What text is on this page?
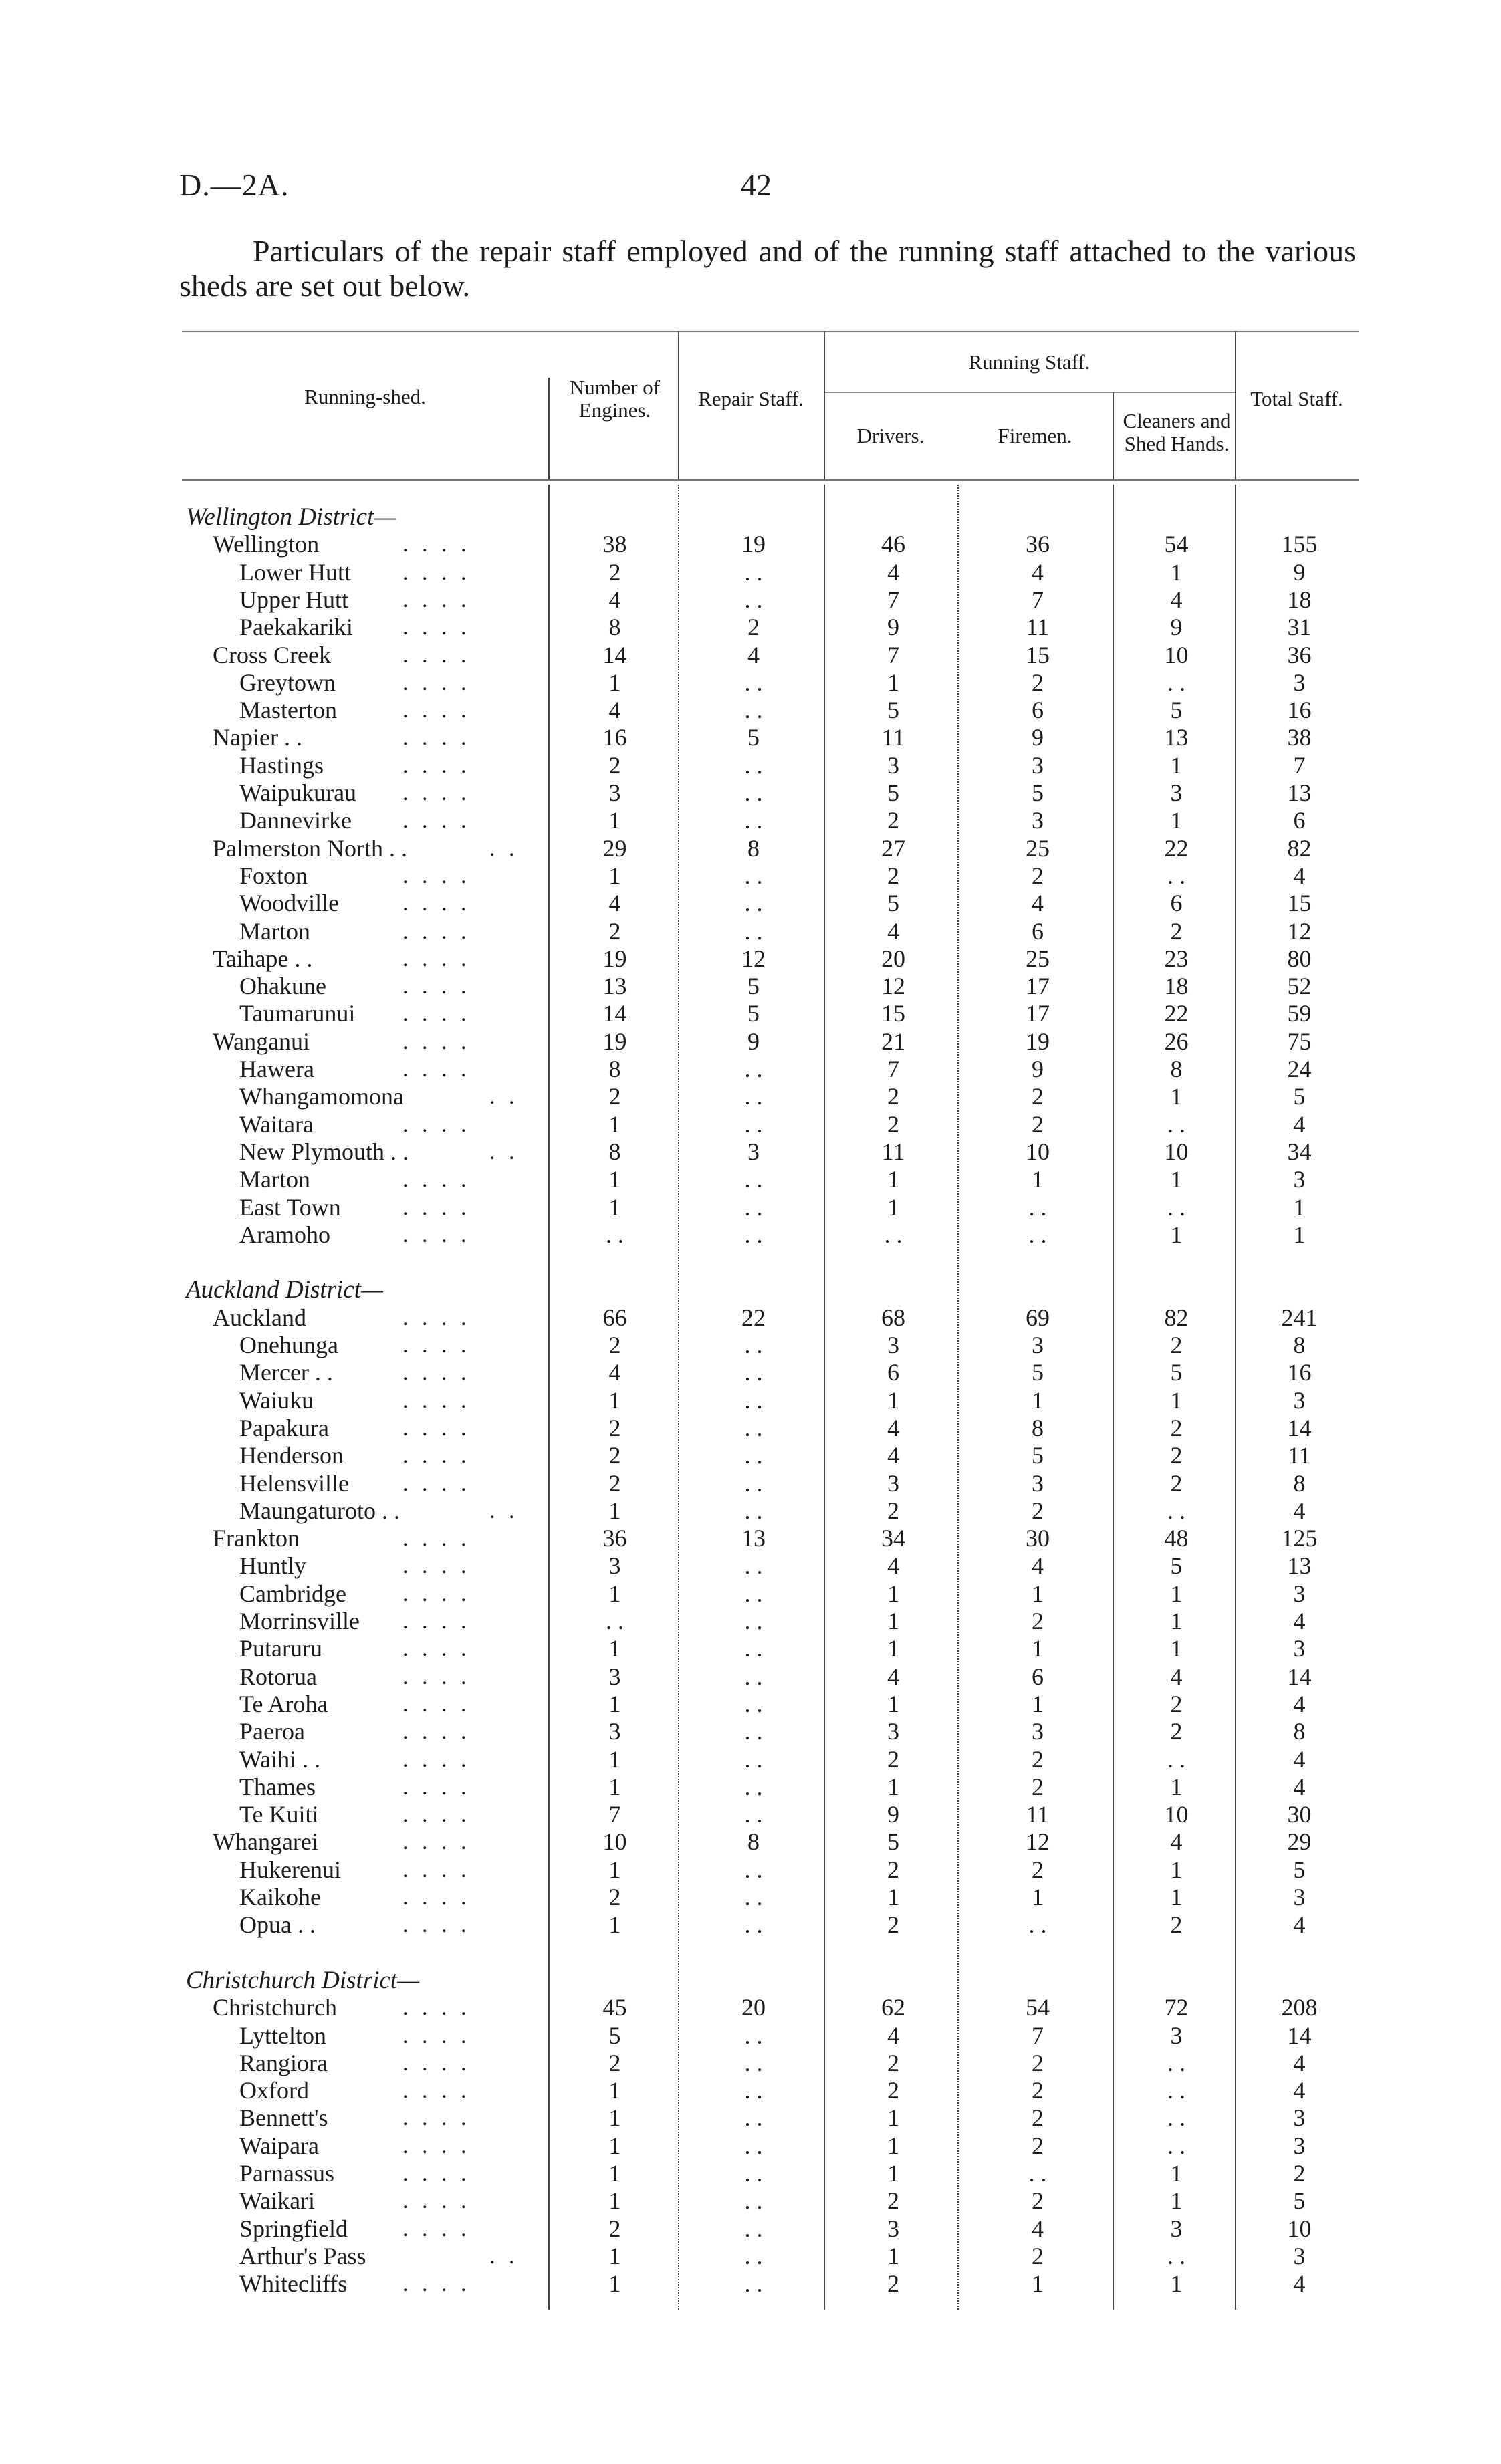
D.—2A.	42
Particulars of the repair staff employed and of the running staff attached to the various sheds are set out below.
Running-shed.	Number of Engines.	Repair Staff.
Running Staff.
Drivers.	Firemen.
Cleaners and Shed Hands.
Total Staff.
Wellington District—
Wellington	. . . .	38	19	46	36	54	155
Lower Hutt . . . .	2	. .	4	4	1	9
Upper Hutt . . . .	4	. .	7	7	4	18
Paekakariki . . . .	8	2	9	11	9	31
Cross Creek	. . . .	14	4	7	15	10	36
Greytown	. . . .	1	. .	1	2	. .	3
Masterton	. . . .	4	. .	5	6	5	16
Napier . .	. . . .	16	5	11	9	13	38
Hastings	. . . .	2	. .	3	3	1	7
Waipukurau . . . .	3	. .	5	5	3	13
Dannevirke . . . .	1	. .	2	3	1	6
Palmerston North . .	. .	29	8	27	25	22	82
Foxton	. . . .	1	. .	2	2	. .	4
Woodville	. . . .	4	. .	5	4	6	15
Marton	. . . .	2	. .	4	6	2	12
Taihape . .	. . . .	19	12	20	25	23	80
Ohakune	. . . .	13	5	12	17	18	52
Taumarunui . . . .	14	5	15	17	22	59
Wanganui	. . . .	19	9	21	19	26	75
Hawera	. . . .	8	. .	7	9	8	24
Whangamomona	. .	2	. .	2	2	1	5
Waitara	. . . .	1	. .	2	2	. .	4
New Plymouth . .	. .	8	3	11	10	10	34
Marton	. . . .	1	. .	1	1	1	3
East Town	. . . .	1	. .	1	. .	. .	1
Aramoho	. . . .	. .	. .	. .	. .	1	1
Auckland District—
Auckland	. . . .	66	22	68	69	82	241
Onehunga	. . . .	2	. .	3	3	2	8
Mercer . .	. . . .	4	. .	6	5	5	16
Waiuku	. . . .	1	. .	1	1	1	3
Papakura	. . . .	2	. .	4	8	2	14
Henderson	. . . .	2	. .	4	5	2	11
Helensville . . . .	2	. .	3	3	2	8
Maungaturoto . .	. .	1	. .	2	2	. .	4
Frankton	. . . .	36	13	34	30	48	125
Huntly	. . . .	3	. .	4	4	5	13
Cambridge . . . .	1	. .	1	1	1	3
Morrinsville . . . .	. .	. .	1	2	1	4
Putaruru	. . . .	1	. .	1	1	1	3
Rotorua	. . . .	3	. .	4	6	4	14
Te Aroha	. . . .	1	. .	1	1	2	4
Paeroa	. . . .	3	. .	3	3	2	8
Waihi . .	. . . .	1	. .	2	2	. .	4
Thames	. . . .	1	. .	1	2	1	4
Te Kuiti	. . . .	7	. .	9	11	10	30
Whangarei	. . . .	10	8	5	12	4	29
Hukerenui	. . . .	1	. .	2	2	1	5
Kaikohe	. . . .	2	. .	1	1	1	3
Opua . .	. . . .	1	. .	2	. .	2	4
Christchurch District—
Christchurch	. . . .	45	20	62	54	72	208
Lyttelton	. . . .	5	. .	4	7	3	14
Rangiora	. . . .	2	. .	2	2	. .	4
Oxford	. . . .	1	. .	2	2	. .	4
Bennett's	. . . .	1	. .	1	2	. .	3
Waipara	. . . .	1	. .	1	2	. .	3
Parnassus	. . . .	1	. .	1	. .	1	2
Waikari	. . . .	1	. .	2	2	1	5
Springfield . . . .	2	. .	3	4	3	10
Arthur's Pass	. .	1	. .	1	2	. .	3
Whitecliffs . . . .	1	. .	2	1	1	4
